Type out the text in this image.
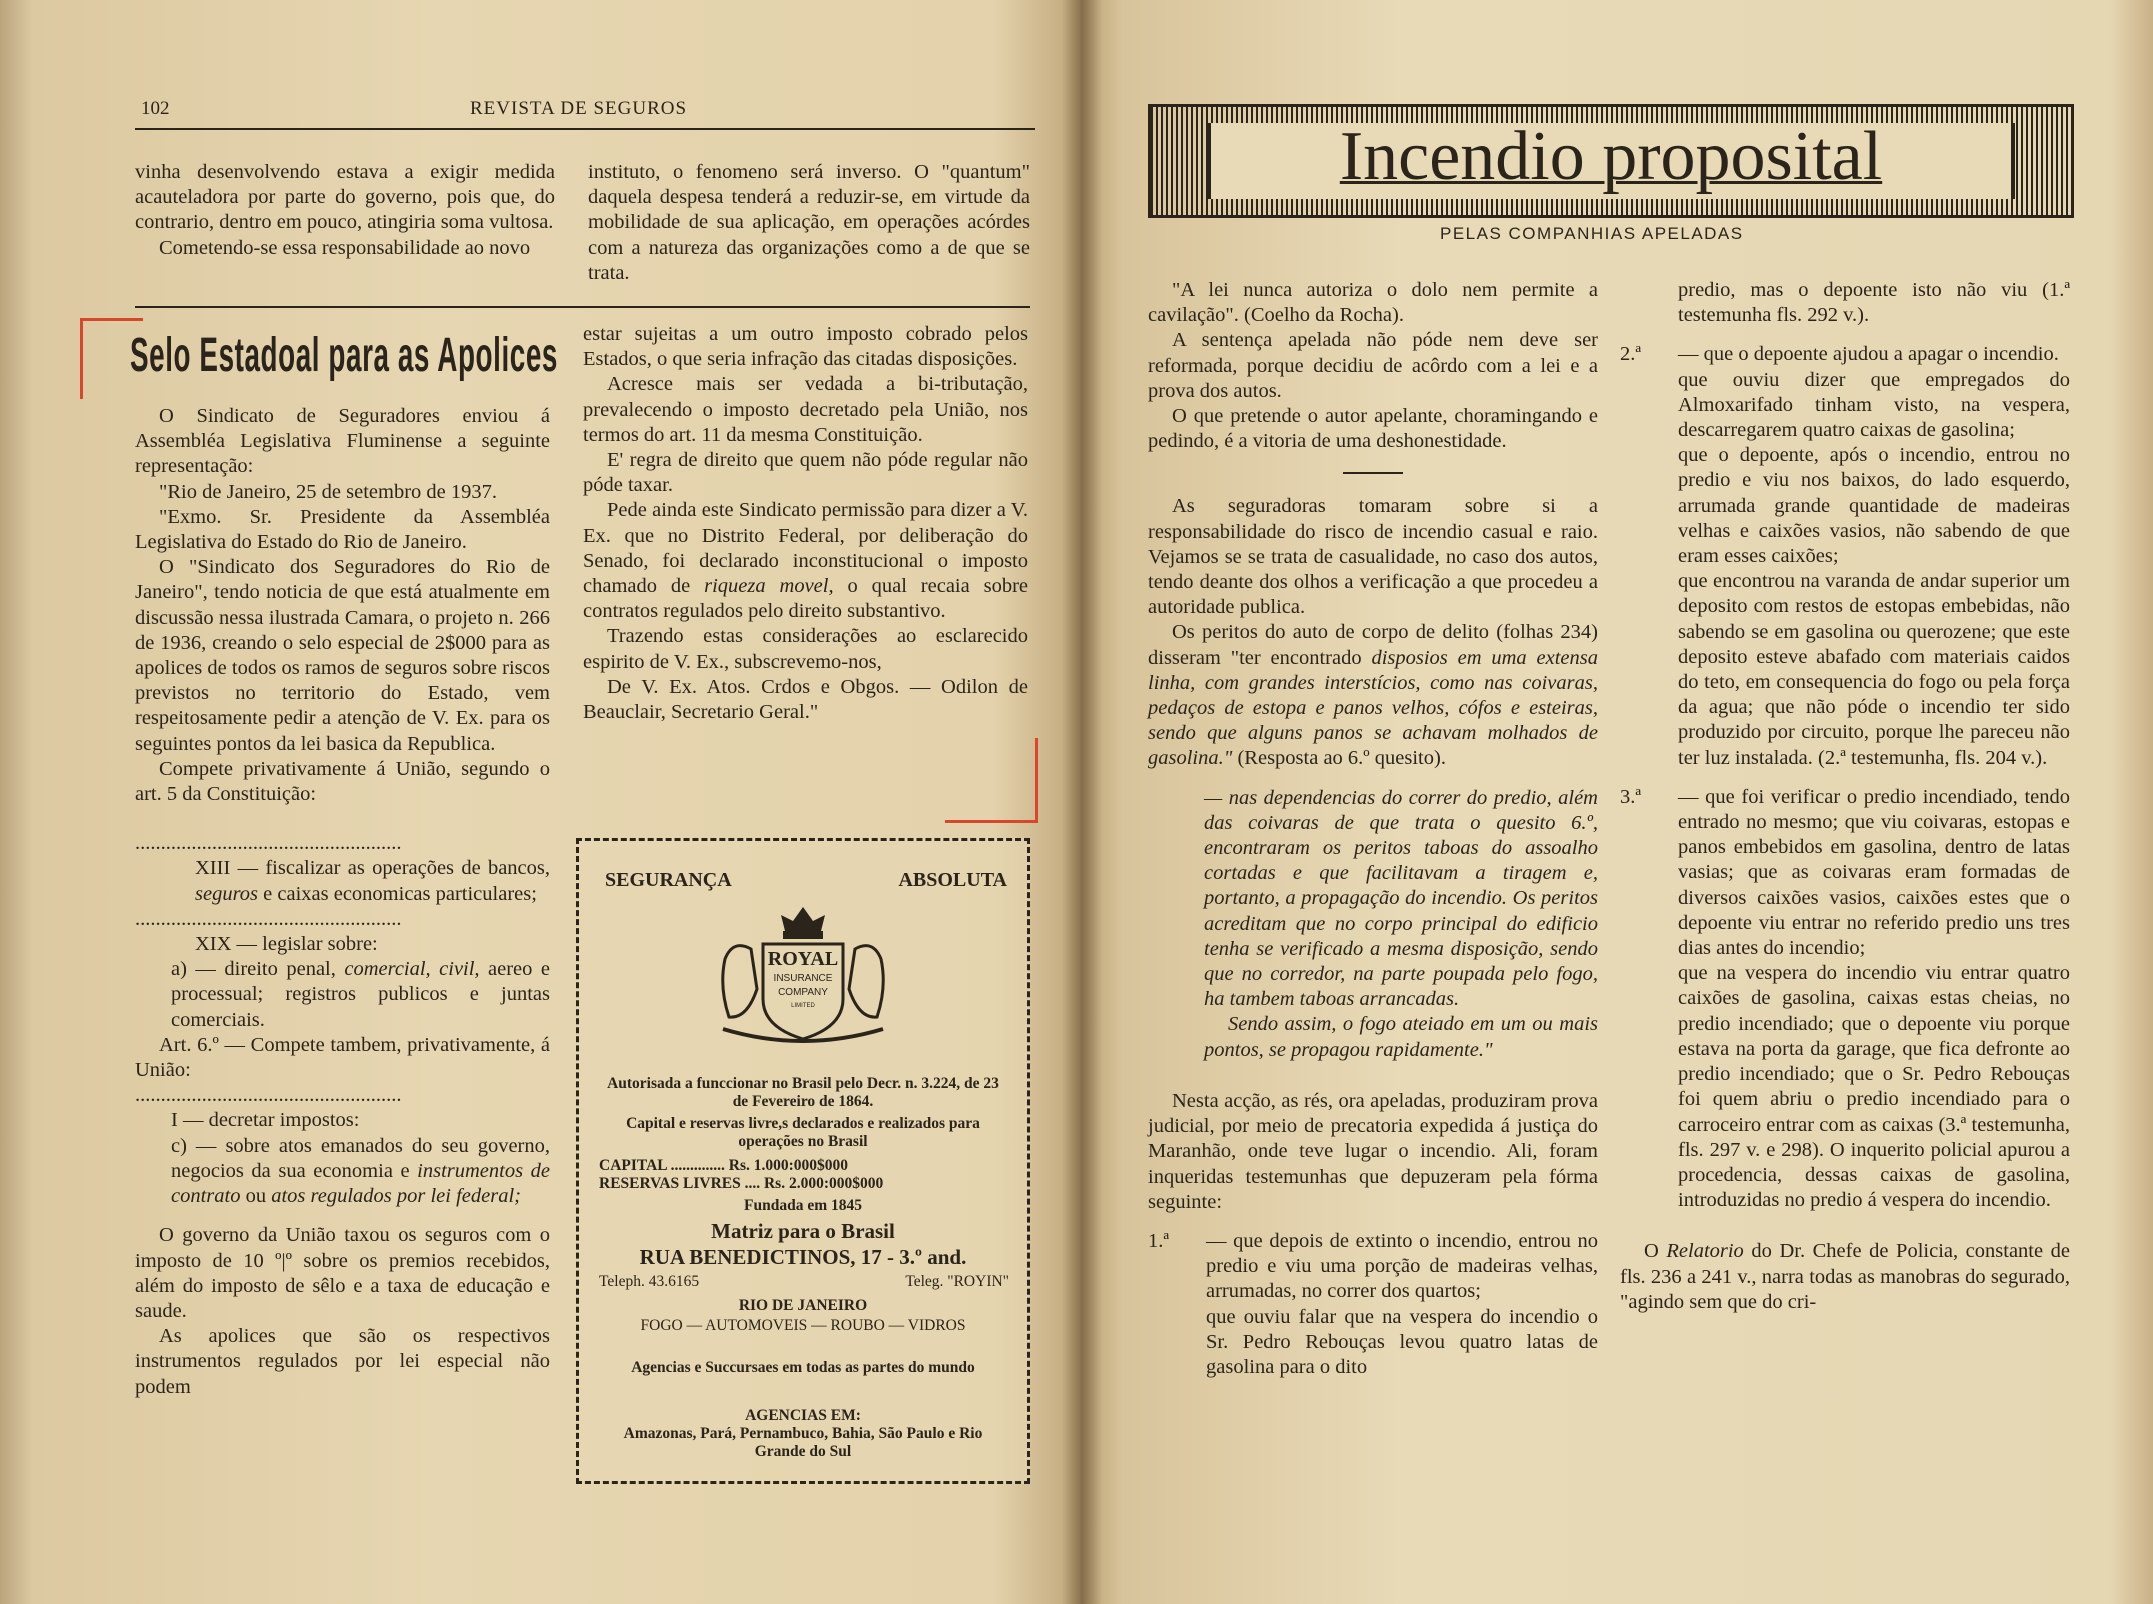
102	REVISTA DE SEGUROS

vinha desenvolvendo estava a exigir medida acauteladora por parte do governo, pois que, do contrario, dentro em pouco, atingiria soma vultosa.

Cometendo-se essa responsabilidade ao novo

instituto, o fenomeno será inverso. O "quantum" daquela despesa tenderá a reduzir-se, em virtude da mobilidade de sua aplicação, em operações acórdes com a natureza das organizações como a de que se trata.

Selo Estadoal para as Apolices

O Sindicato de Seguradores enviou á Assembléa Legislativa Fluminense a seguinte representação:

"Rio de Janeiro, 25 de setembro de 1937.

"Exmo. Sr. Presidente da Assembléa Legislativa do Estado do Rio de Janeiro.

O "Sindicato dos Seguradores do Rio de Janeiro", tendo noticia de que está atualmente em discussão nessa ilustrada Camara, o projeto n. 266 de 1936, creando o selo especial de 2$000 para as apolices de todos os ramos de seguros sobre riscos previstos no territorio do Estado, vem respeitosamente pedir a atenção de V. Ex. para os seguintes pontos da lei basica da Republica.

Compete privativamente á União, segundo o art. 5 da Constituição:

....................................................

XIII — fiscalizar as operações de bancos, seguros e caixas economicas particulares;

....................................................

XIX — legislar sobre:

a) — direito penal, comercial, civil, aereo e processual; registros publicos e juntas comerciais.

Art. 6.º — Compete tambem, privativamente, á União:

....................................................

I — decretar impostos:

c) — sobre atos emanados do seu governo, negocios da sua economia e instrumentos de contrato ou atos regulados por lei federal;

O governo da União taxou os seguros com o imposto de 10 º|º sobre os premios recebidos, além do imposto de sêlo e a taxa de educação e saude.

As apolices que são os respectivos instrumentos regulados por lei especial não podem

estar sujeitas a um outro imposto cobrado pelos Estados, o que seria infração das citadas disposições.

Acresce mais ser vedada a bi-tributação, prevalecendo o imposto decretado pela União, nos termos do art. 11 da mesma Constituição.

E' regra de direito que quem não póde regular não póde taxar.

Pede ainda este Sindicato permissão para dizer a V. Ex. que no Distrito Federal, por deliberação do Senado, foi declarado inconstitucional o imposto chamado de riqueza movel, o qual recaia sobre contratos regulados pelo direito substantivo.

Trazendo estas considerações ao esclarecido espirito de V. Ex., subscrevemo-nos,

De V. Ex. Atos. Crdos e Obgos. — Odilon de Beauclair, Secretario Geral."

SEGURANÇA	ABSOLUTA
ROYAL
INSURANCE
COMPANY
LIMITED
Autorisada a funccionar no Brasil pelo Decr. n. 3.224, de 23 de Fevereiro de 1864.
Capital e reservas livre,s declarados e realizados para operações no Brasil
CAPITAL .............. Rs. 1.000:000$000
RESERVAS LIVRES .... Rs. 2.000:000$000
Fundada em 1845
Matriz para o Brasil
RUA BENEDICTINOS, 17 - 3.º and.
Teleph. 43.6165	Teleg. "ROYIN"
RIO DE JANEIRO
FOGO — AUTOMOVEIS — ROUBO — VIDROS
Agencias e Succursaes em todas as partes do mundo
AGENCIAS EM:
Amazonas, Pará, Pernambuco, Bahia, São Paulo e Rio Grande do Sul
Incendio proposital
PELAS COMPANHIAS APELADAS

"A lei nunca autoriza o dolo nem permite a cavilação". (Coelho da Rocha).

A sentença apelada não póde nem deve ser reformada, porque decidiu de acôrdo com a lei e a prova dos autos.

O que pretende o autor apelante, choramingando e pedindo, é a vitoria de uma deshonestidade.

As seguradoras tomaram sobre si a responsabilidade do risco de incendio casual e raio. Vejamos se se trata de casualidade, no caso dos autos, tendo deante dos olhos a verificação a que procedeu a autoridade publica.

Os peritos do auto de corpo de delito (folhas 234) disseram "ter encontrado disposios em uma extensa linha, com grandes interstícios, como nas coivaras, pedaços de estopa e panos velhos, cófos e esteiras, sendo que alguns panos se achavam molhados de gasolina." (Resposta ao 6.º quesito).

— nas dependencias do correr do predio, além das coivaras de que trata o quesito 6.º, encontraram os peritos taboas do assoalho cortadas e que facilitavam a tiragem e, portanto, a propagação do incendio. Os peritos acreditam que no corpo principal do edificio tenha se verificado a mesma disposição, sendo que no corredor, na parte poupada pelo fogo, ha tambem taboas arrancadas.

Sendo assim, o fogo ateiado em um ou mais pontos, se propagou rapidamente."

Nesta acção, as rés, ora apeladas, produziram prova judicial, por meio de precatoria expedida á justiça do Maranhão, onde teve lugar o incendio. Ali, foram inqueridas testemunhas que depuzeram pela fórma seguinte:

1.ª — que depois de extinto o incendio, entrou no predio e viu uma porção de madeiras velhas, arrumadas, no correr dos quartos;

que ouviu falar que na vespera do incendio o Sr. Pedro Rebouças levou quatro latas de gasolina para o dito

predio, mas o depoente isto não viu (1.ª testemunha fls. 292 v.).

2.ª — que o depoente ajudou a apagar o incendio.

que ouviu dizer que empregados do Almoxarifado tinham visto, na vespera, descarregarem quatro caixas de gasolina;

que o depoente, após o incendio, entrou no predio e viu nos baixos, do lado esquerdo, arrumada grande quantidade de madeiras velhas e caixões vasios, não sabendo de que eram esses caixões;

que encontrou na varanda de andar superior um deposito com restos de estopas embebidas, não sabendo se em gasolina ou querozene; que este deposito esteve abafado com materiais caidos do teto, em consequencia do fogo ou pela força da agua; que não póde o incendio ter sido produzido por circuito, porque lhe pareceu não ter luz instalada. (2.ª testemunha, fls. 204 v.).

3.ª — que foi verificar o predio incendiado, tendo entrado no mesmo; que viu coivaras, estopas e panos embebidos em gasolina, dentro de latas vasias; que as coivaras eram formadas de diversos caixões vasios, caixões estes que o depoente viu entrar no referido predio uns tres dias antes do incendio;

que na vespera do incendio viu entrar quatro caixões de gasolina, caixas estas cheias, no predio incendiado; que o depoente viu porque estava na porta da garage, que fica defronte ao predio incendiado; que o Sr. Pedro Rebouças foi quem abriu o predio incendiado para o carroceiro entrar com as caixas (3.ª testemunha, fls. 297 v. e 298). O inquerito policial apurou a procedencia, dessas caixas de gasolina, introduzidas no predio á vespera do incendio.

O Relatorio do Dr. Chefe de Policia, constante de fls. 236 a 241 v., narra todas as manobras do segurado, "agindo sem que do cri-
